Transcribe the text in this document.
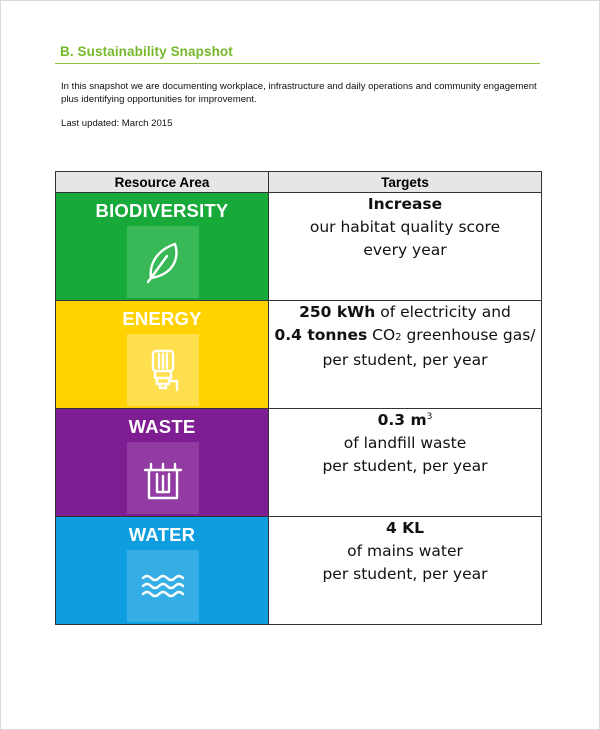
B. Sustainability Snapshot
In this snapshot we are documenting workplace, infrastructure and daily operations and community engagement plus identifying opportunities for improvement.
Last updated: March 2015
Resource Area	Targets

BIODIVERSITY	Increase
our habitat quality score
every year

ENERGY	250 kWh of electricity and
0.4 tonnes CO2 greenhouse gas/
per student, per year

WASTE	0.3 $m^3$
of landfill waste
per student, per year

WATER	4 KL
of mains water
per student, per year
